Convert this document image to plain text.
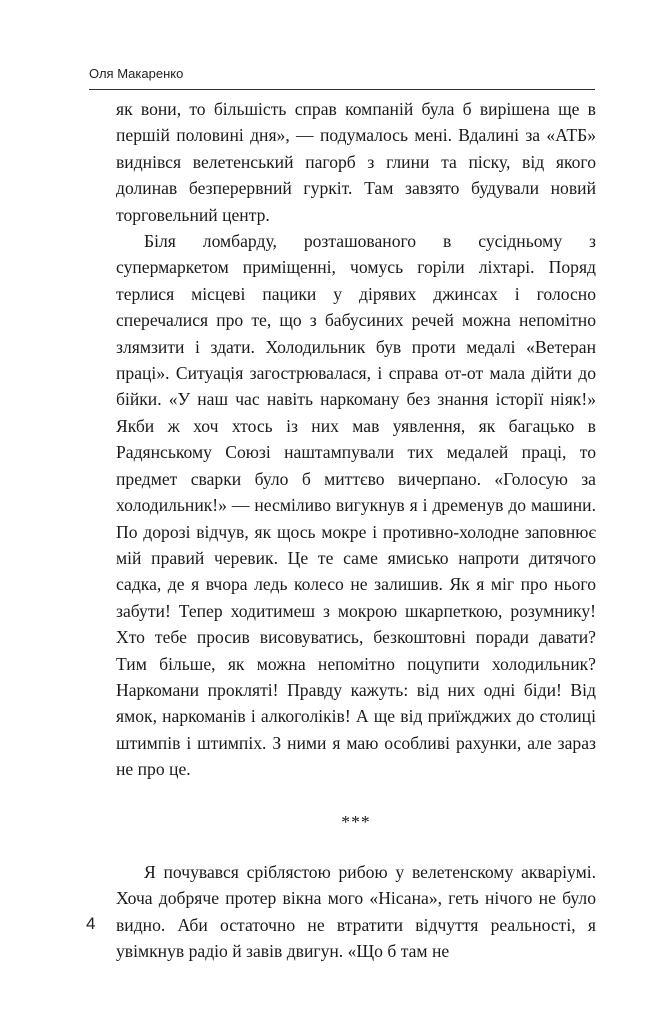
Оля Макаренко

як вони, то більшість справ компаній була б вирішена ще в першій половині дня», — подумалось мені. Вдалині за «АТБ» виднівся велетенський пагорб з глини та піску, від якого долинав безперервний гуркіт. Там завзято будували новий торговельний центр.

Біля ломбарду, розташованого в сусідньому з супермаркетом приміщенні, чомусь горіли ліхтарі. Поряд терлися місцеві пацики у дірявих джинсах і голосно сперечалися про те, що з бабусиних речей можна непомітно злямзити і здати. Холодильник був проти медалі «Ветеран праці». Ситуація загострювалася, і справа от-от мала дійти до бійки. «У наш час навіть наркоману без знання історії ніяк!» Якби ж хоч хтось із них мав уявлення, як багацько в Радянському Союзі наштампували тих медалей праці, то предмет сварки було б миттєво вичерпано. «Голосую за холодильник!» — несміливо вигукнув я і дременув до машини. По дорозі відчув, як щось мокре і противно-холодне заповнює мій правий черевик. Це те саме ямисько напроти дитячого садка, де я вчора ледь колесо не залишив. Як я міг про нього забути! Тепер ходитимеш з мокрою шкарпеткою, розумнику! Хто тебе просив висовуватись, безкоштовні поради давати? Тим більше, як можна непомітно поцупити холодильник? Наркомани прокляті! Правду кажуть: від них одні біди! Від ямок, наркоманів і алкоголіків! А ще від приїжджих до столиці штимпів і штимпіх. З ними я маю особливі рахунки, але зараз не про це.

***

Я почувався сріблястою рибою у велетенскому акваріумі. Хоча добряче протер вікна мого «Нісана», геть нічого не було видно. Аби остаточно не втратити відчуття реальності, я увімкнув радіо й завів двигун. «Що б там не

4
